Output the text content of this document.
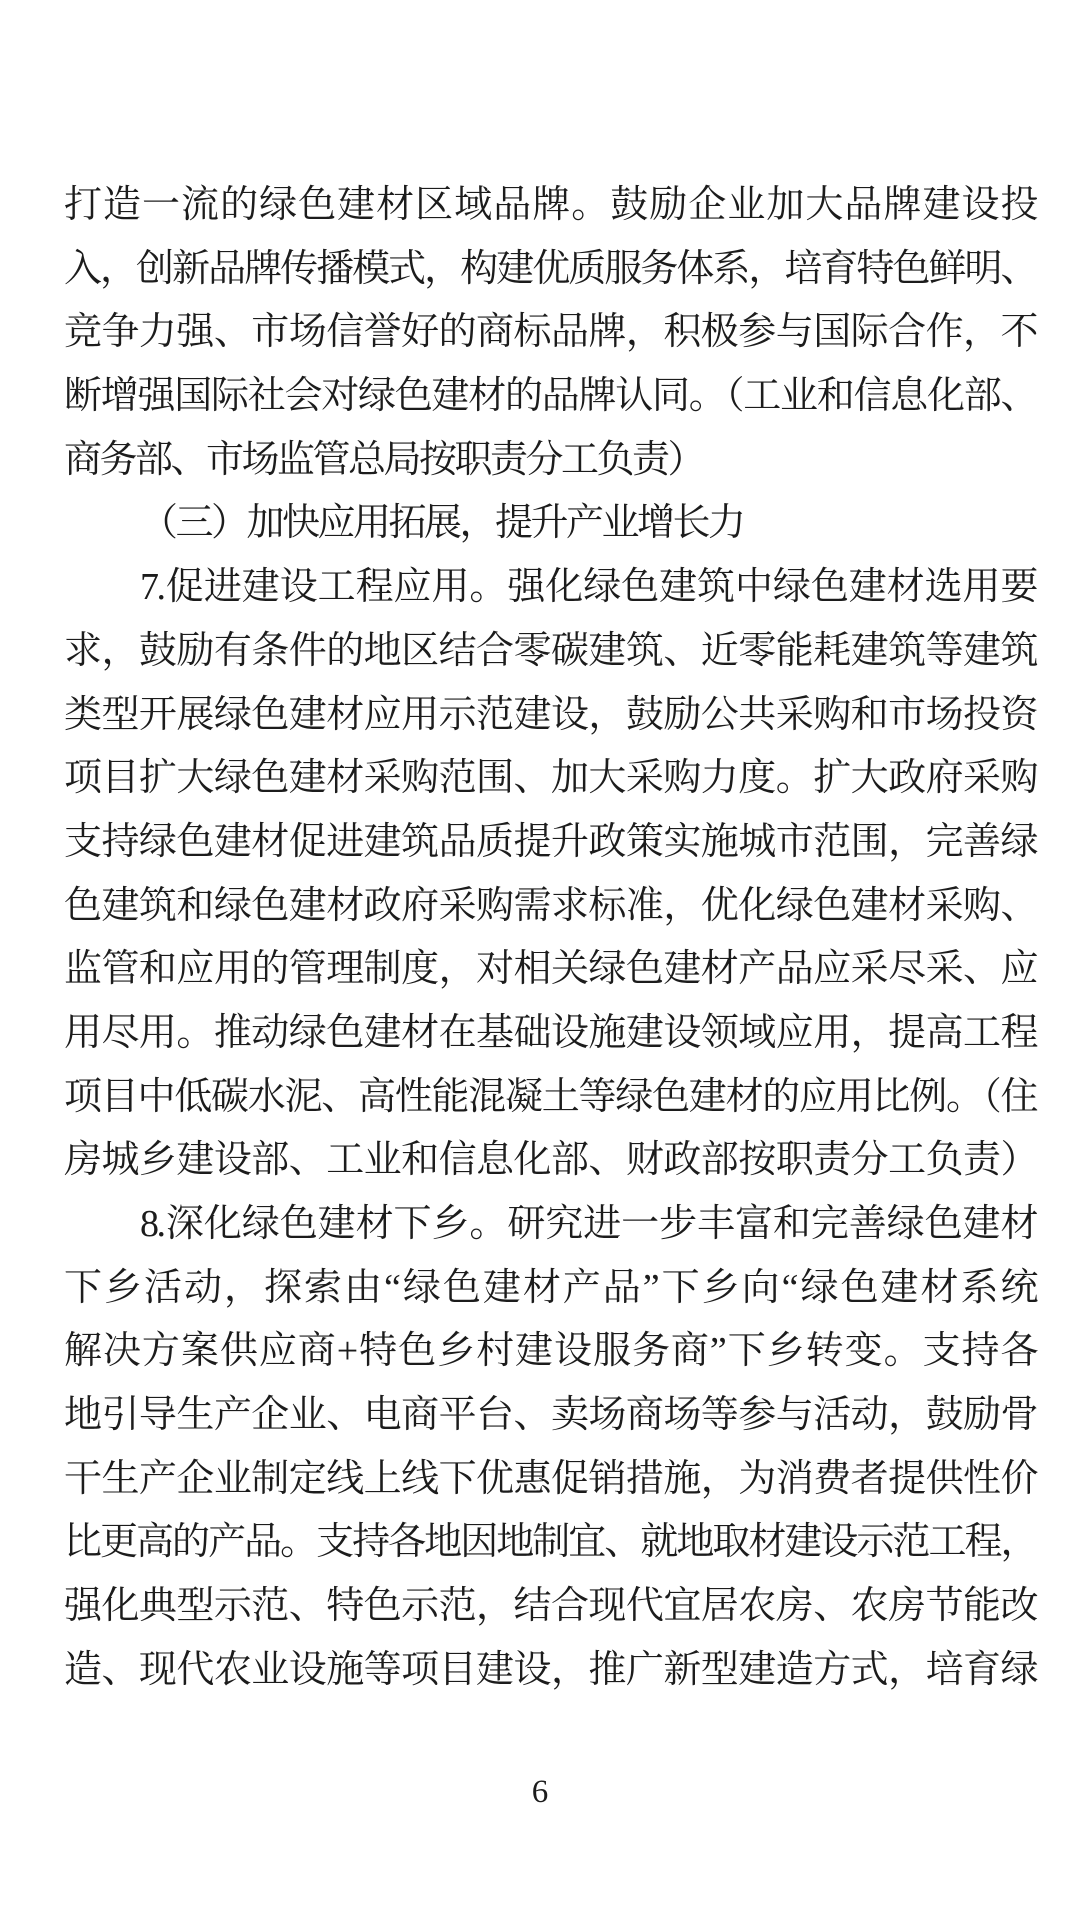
打造一流的绿色建材区域品牌。鼓励企业加大品牌建设投
入，创新品牌传播模式，构建优质服务体系，培育特色鲜明、
竞争力强、市场信誉好的商标品牌，积极参与国际合作，不
断增强国际社会对绿色建材的品牌认同。（工业和信息化部、
商务部、市场监管总局按职责分工负责）
（三）加快应用拓展，提升产业增长力
7.促进建设工程应用。强化绿色建筑中绿色建材选用要
求，鼓励有条件的地区结合零碳建筑、近零能耗建筑等建筑
类型开展绿色建材应用示范建设，鼓励公共采购和市场投资
项目扩大绿色建材采购范围、加大采购力度。扩大政府采购
支持绿色建材促进建筑品质提升政策实施城市范围，完善绿
色建筑和绿色建材政府采购需求标准，优化绿色建材采购、
监管和应用的管理制度，对相关绿色建材产品应采尽采、应
用尽用。推动绿色建材在基础设施建设领域应用，提高工程
项目中低碳水泥、高性能混凝土等绿色建材的应用比例。（住
房城乡建设部、工业和信息化部、财政部按职责分工负责）
8.深化绿色建材下乡。研究进一步丰富和完善绿色建材
下乡活动，探索由“绿色建材产品”下乡向“绿色建材系统
解决方案供应商+特色乡村建设服务商”下乡转变。支持各
地引导生产企业、电商平台、卖场商场等参与活动，鼓励骨
干生产企业制定线上线下优惠促销措施，为消费者提供性价
比更高的产品。支持各地因地制宜、就地取材建设示范工程，
强化典型示范、特色示范，结合现代宜居农房、农房节能改
造、现代农业设施等项目建设，推广新型建造方式，培育绿
6
